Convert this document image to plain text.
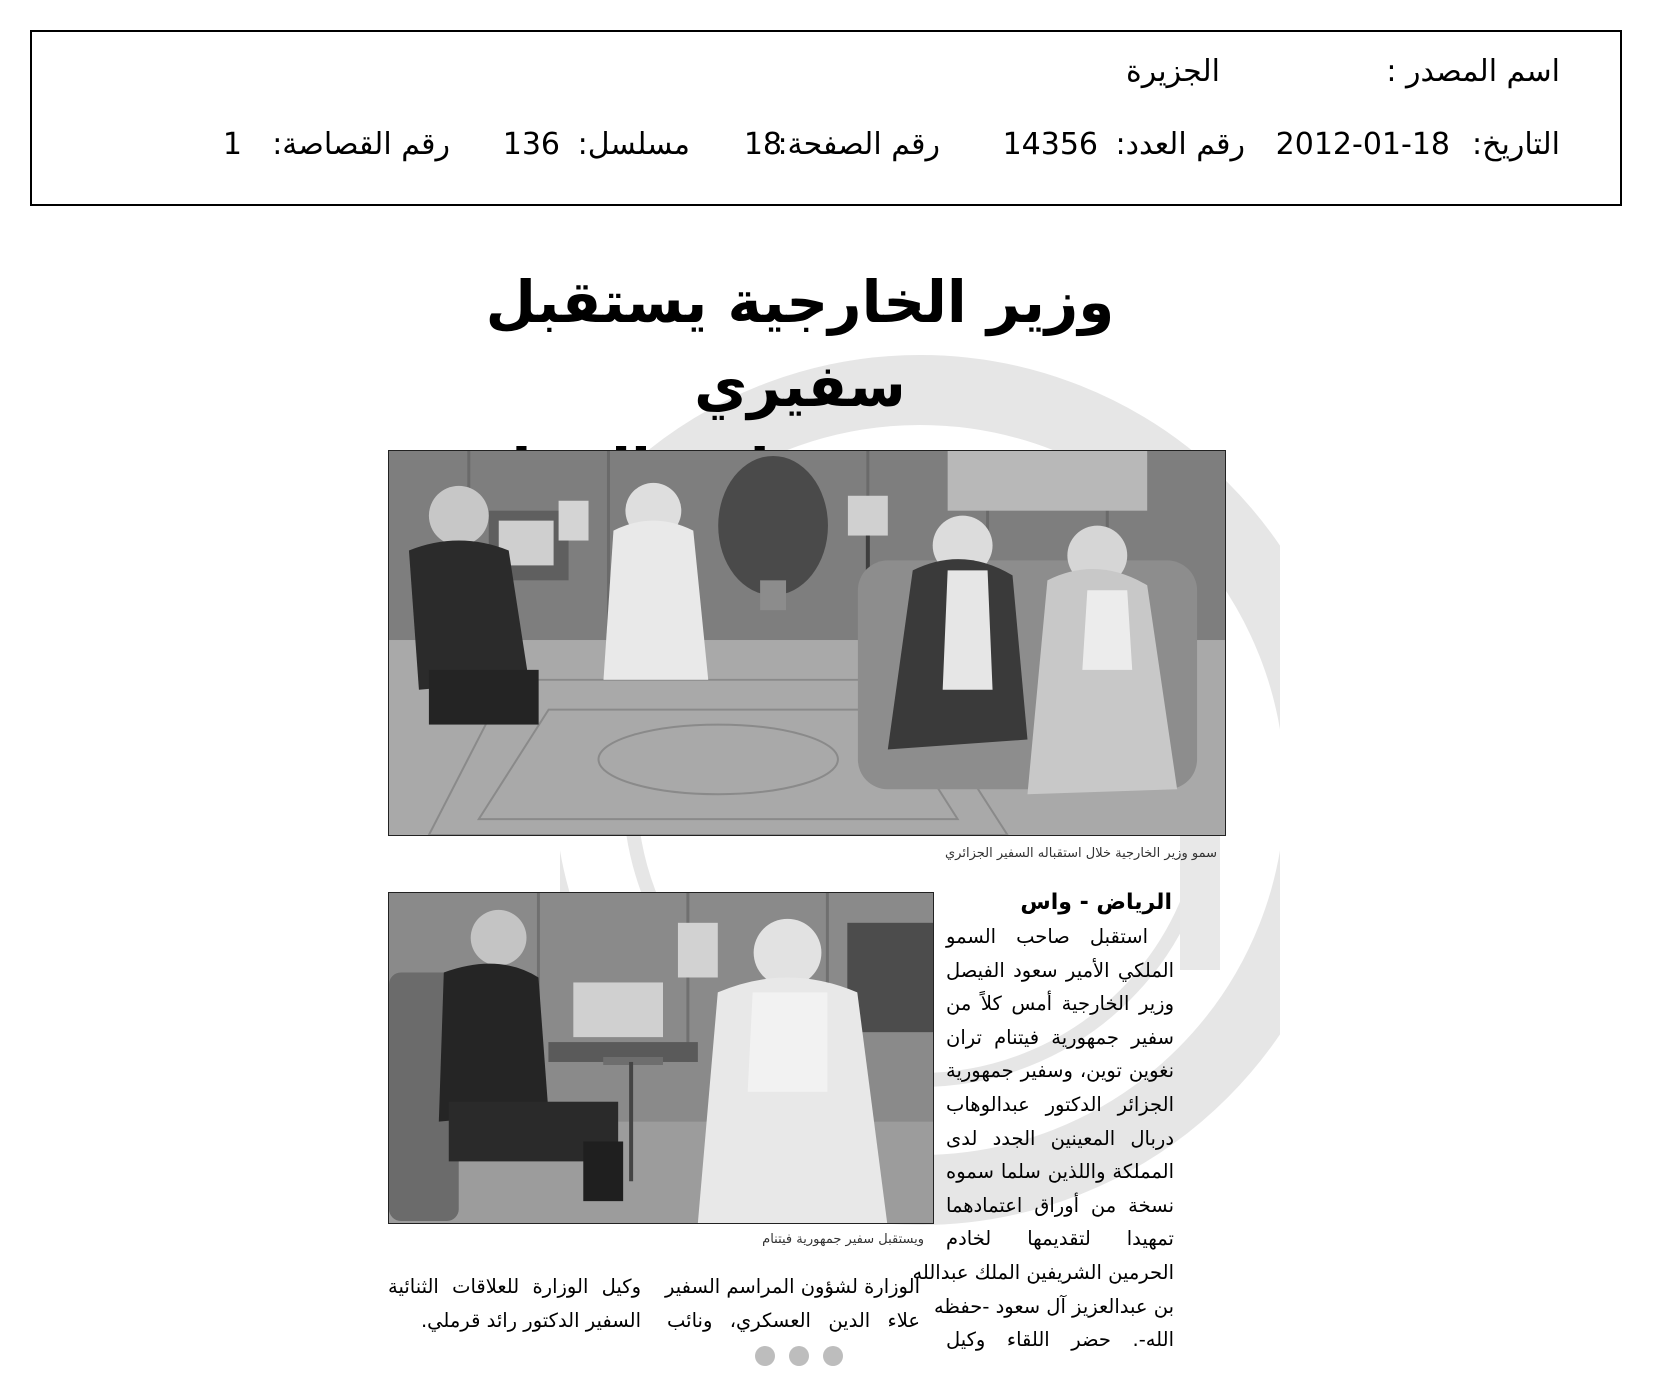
اسم المصدر :
الجزيرة
التاريخ:
2012-01-18
رقم العدد:
14356
رقم الصفحة:
18
مسلسل:
136
رقم القصاصة:
1
وزير الخارجية يستقبل سفيري
سمو وزير الخارجية خلال استقباله السفير الجزائري
ويستقبل سفير جمهورية فيتنام
الرياض - واس
استقبل صاحب السمو
الملكي الأمير سعود الفيصل
وزير الخارجية أمس كلاً من
سفير جمهورية فيتنام تران
نغوين توين، وسفير جمهورية
الجزائر الدكتور عبدالوهاب
دربال المعينين الجدد لدى
المملكة واللذين سلما سموه
نسخة من أوراق اعتمادهما
تمهيدا لتقديمها لخادم
الحرمين الشريفين الملك عبدالله
بن عبدالعزيز آل سعود -حفظه
الله-. حضر اللقاء وكيل
الوزارة لشؤون المراسم السفير
علاء الدين العسكري، ونائب
وكيل الوزارة للعلاقات الثنائية
السفير الدكتور رائد قرملي.
